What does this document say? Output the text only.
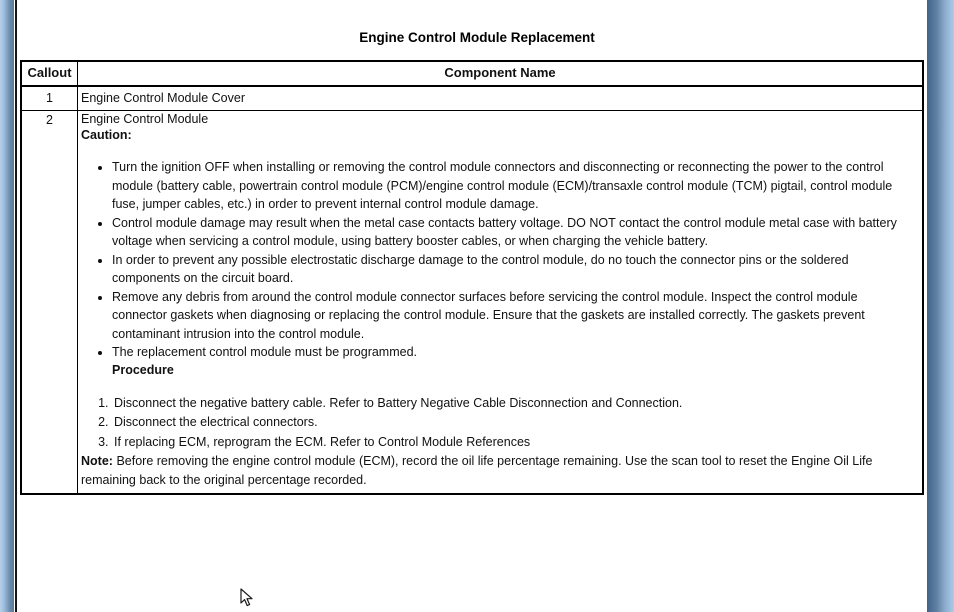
Engine Control Module Replacement
Callout	Component Name
1	Engine Control Module Cover
2	Engine Control Module

Caution:

• Turn the ignition OFF when installing or removing the control module connectors and disconnecting or reconnecting the power to the control module (battery cable, powertrain control module (PCM)/engine control module (ECM)/transaxle control module (TCM) pigtail, control module fuse, jumper cables, etc.) in order to prevent internal control module damage.
• Control module damage may result when the metal case contacts battery voltage. DO NOT contact the control module metal case with battery voltage when servicing a control module, using battery booster cables, or when charging the vehicle battery.
• In order to prevent any possible electrostatic discharge damage to the control module, do no touch the connector pins or the soldered components on the circuit board.
• Remove any debris from around the control module connector surfaces before servicing the control module. Inspect the control module connector gaskets when diagnosing or replacing the control module. Ensure that the gaskets are installed correctly. The gaskets prevent contaminant intrusion into the control module.
• The replacement control module must be programmed.

Procedure

1. Disconnect the negative battery cable. Refer to Battery Negative Cable Disconnection and Connection.
2. Disconnect the electrical connectors.
3. If replacing ECM, reprogram the ECM. Refer to Control Module References

Note: Before removing the engine control module (ECM), record the oil life percentage remaining. Use the scan tool to reset the Engine Oil Life remaining back to the original percentage recorded.
